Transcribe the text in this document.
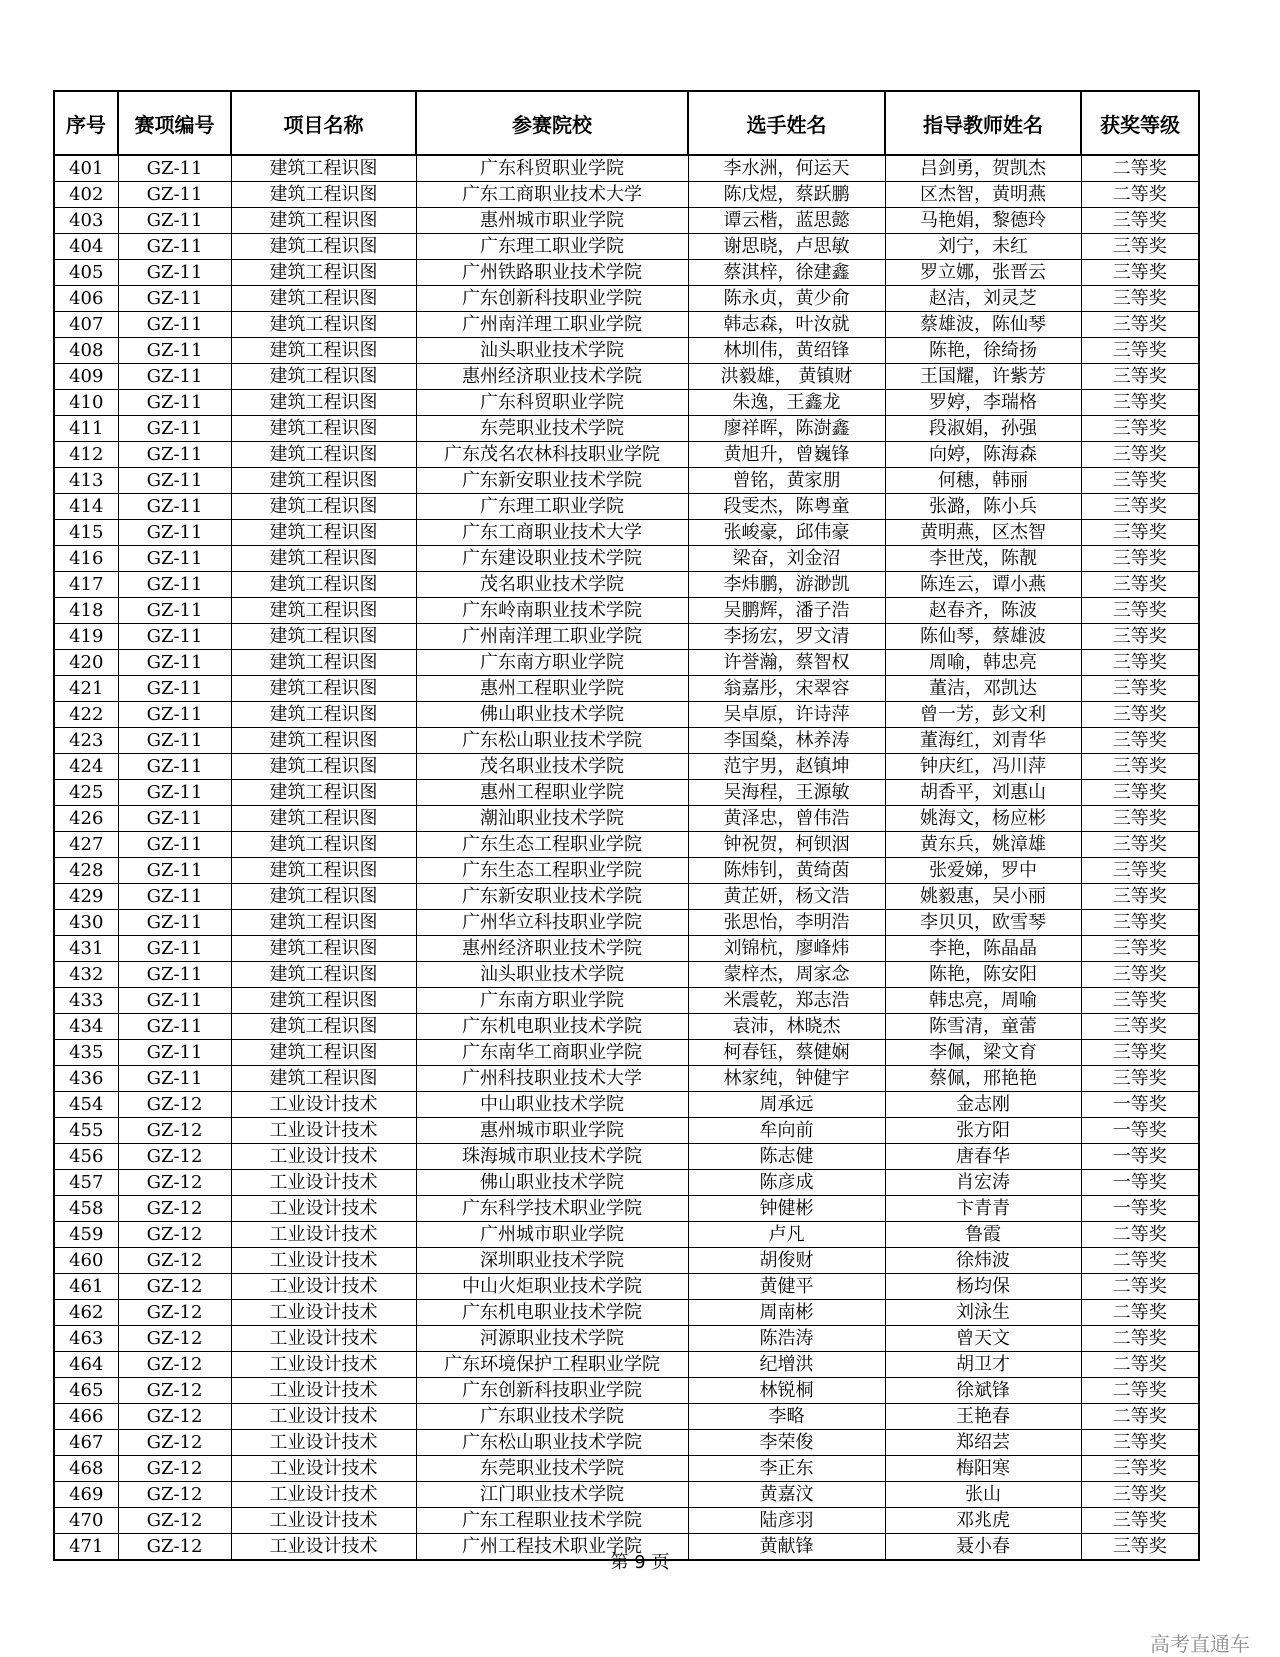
序号	赛项编号	项目名称	参赛院校	选手姓名	指导教师姓名	获奖等级
401	GZ-11	建筑工程识图	广东科贸职业学院	李水洲，何运天	吕剑勇，贺凯杰	二等奖
402	GZ-11	建筑工程识图	广东工商职业技术大学	陈戊煜，蔡跃鹏	区杰智，黄明燕	二等奖
403	GZ-11	建筑工程识图	惠州城市职业学院	谭云楷，蓝思懿	马艳娟，黎德玲	三等奖
404	GZ-11	建筑工程识图	广东理工职业学院	谢思晓，卢思敏	刘宁，未红	三等奖
405	GZ-11	建筑工程识图	广州铁路职业技术学院	蔡淇梓，徐建鑫	罗立娜，张晋云	三等奖
406	GZ-11	建筑工程识图	广东创新科技职业学院	陈永贞，黄少俞	赵洁，刘灵芝	三等奖
407	GZ-11	建筑工程识图	广州南洋理工职业学院	韩志森，叶汝就	蔡雄波，陈仙琴	三等奖
408	GZ-11	建筑工程识图	汕头职业技术学院	林圳伟，黄绍锋	陈艳，徐绮扬	三等奖
409	GZ-11	建筑工程识图	惠州经济职业技术学院	洪毅雄， 黄镇财	王国耀，许紫芳	三等奖
410	GZ-11	建筑工程识图	广东科贸职业学院	朱逸，王鑫龙	罗婷，李瑞格	三等奖
411	GZ-11	建筑工程识图	东莞职业技术学院	廖祥晖，陈澍鑫	段淑娟，孙强	三等奖
412	GZ-11	建筑工程识图	广东茂名农林科技职业学院	黄旭升，曾巍锋	向婷，陈海森	三等奖
413	GZ-11	建筑工程识图	广东新安职业技术学院	曾铭，黄家朋	何穗，韩丽	三等奖
414	GZ-11	建筑工程识图	广东理工职业学院	段雯杰，陈粤童	张潞，陈小兵	三等奖
415	GZ-11	建筑工程识图	广东工商职业技术大学	张峻豪，邱伟豪	黄明燕，区杰智	三等奖
416	GZ-11	建筑工程识图	广东建设职业技术学院	梁奋，刘金沼	李世茂，陈靓	三等奖
417	GZ-11	建筑工程识图	茂名职业技术学院	李炜鹏，游渺凯	陈连云，谭小燕	三等奖
418	GZ-11	建筑工程识图	广东岭南职业技术学院	吴鹏辉，潘子浩	赵春齐，陈波	三等奖
419	GZ-11	建筑工程识图	广州南洋理工职业学院	李扬宏，罗文清	陈仙琴，蔡雄波	三等奖
420	GZ-11	建筑工程识图	广东南方职业学院	许誉瀚，蔡智权	周喻，韩忠亮	三等奖
421	GZ-11	建筑工程识图	惠州工程职业学院	翁嘉彤，宋翠容	董洁，邓凯达	三等奖
422	GZ-11	建筑工程识图	佛山职业技术学院	吴卓原，许诗萍	曾一芳，彭文利	三等奖
423	GZ-11	建筑工程识图	广东松山职业技术学院	李国燊，林养涛	董海红，刘青华	三等奖
424	GZ-11	建筑工程识图	茂名职业技术学院	范宇男，赵镇坤	钟庆红，冯川萍	三等奖
425	GZ-11	建筑工程识图	惠州工程职业学院	吴海程，王源敏	胡香平，刘惠山	三等奖
426	GZ-11	建筑工程识图	潮汕职业技术学院	黄泽忠，曾伟浩	姚海文，杨应彬	三等奖
427	GZ-11	建筑工程识图	广东生态工程职业学院	钟祝贺，柯钡洇	黄东兵，姚漳雄	三等奖
428	GZ-11	建筑工程识图	广东生态工程职业学院	陈炜钊，黄绮茵	张爱娣，罗中	三等奖
429	GZ-11	建筑工程识图	广东新安职业技术学院	黄芷妍，杨文浩	姚毅惠，吴小丽	三等奖
430	GZ-11	建筑工程识图	广州华立科技职业学院	张思怡，李明浩	李贝贝，欧雪琴	三等奖
431	GZ-11	建筑工程识图	惠州经济职业技术学院	刘锦杭，廖峰炜	李艳，陈晶晶	三等奖
432	GZ-11	建筑工程识图	汕头职业技术学院	蒙梓杰，周家念	陈艳，陈安阳	三等奖
433	GZ-11	建筑工程识图	广东南方职业学院	米震乾，郑志浩	韩忠亮，周喻	三等奖
434	GZ-11	建筑工程识图	广东机电职业技术学院	袁沛，林晓杰	陈雪清，童蕾	三等奖
435	GZ-11	建筑工程识图	广东南华工商职业学院	柯春钰，蔡健娴	李佩，梁文育	三等奖
436	GZ-11	建筑工程识图	广州科技职业技术大学	林家纯，钟健宇	蔡佩，邢艳艳	三等奖
454	GZ-12	工业设计技术	中山职业技术学院	周承远	金志刚	一等奖
455	GZ-12	工业设计技术	惠州城市职业学院	牟向前	张方阳	一等奖
456	GZ-12	工业设计技术	珠海城市职业技术学院	陈志健	唐春华	一等奖
457	GZ-12	工业设计技术	佛山职业技术学院	陈彦成	肖宏涛	一等奖
458	GZ-12	工业设计技术	广东科学技术职业学院	钟健彬	卞青青	一等奖
459	GZ-12	工业设计技术	广州城市职业学院	卢凡	鲁霞	二等奖
460	GZ-12	工业设计技术	深圳职业技术学院	胡俊财	徐炜波	二等奖
461	GZ-12	工业设计技术	中山火炬职业技术学院	黄健平	杨均保	二等奖
462	GZ-12	工业设计技术	广东机电职业技术学院	周南彬	刘泳生	二等奖
463	GZ-12	工业设计技术	河源职业技术学院	陈浩涛	曾天文	二等奖
464	GZ-12	工业设计技术	广东环境保护工程职业学院	纪增洪	胡卫才	二等奖
465	GZ-12	工业设计技术	广东创新科技职业学院	林锐桐	徐斌锋	二等奖
466	GZ-12	工业设计技术	广东职业技术学院	李略	王艳春	二等奖
467	GZ-12	工业设计技术	广东松山职业技术学院	李荣俊	郑绍芸	三等奖
468	GZ-12	工业设计技术	东莞职业技术学院	李正东	梅阳寒	三等奖
469	GZ-12	工业设计技术	江门职业技术学院	黄嘉汶	张山	三等奖
470	GZ-12	工业设计技术	广东工程职业技术学院	陆彦羽	邓兆虎	三等奖
471	GZ-12	工业设计技术	广州工程技术职业学院	黄献锋	聂小春	三等奖
第 9 页
高考直通车
